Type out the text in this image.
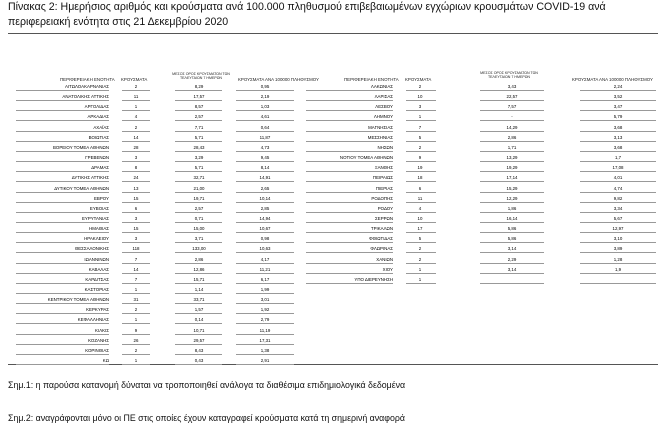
Πίνακας 2: Ημερήσιος αριθμός και κρούσματα ανά 100.000 πληθυσμού επιβεβαιωμένων εγχώριων κρουσμάτων COVID-19 ανά περιφερειακή ενότητα στις 21 Δεκεμβρίου 2020
ΠΕΡΙΦΕΡΕΙΑΚΗ ΕΝΟΤΗΤΑ ΚΡΟΥΣΜΑΤΑ
ΜΕΣΟΣ ΟΡΟΣ ΚΡΟΥΣΜΑΤΩΝ ΤΩΝ ΤΕΛΕΥΤΑΙΩΝ 7 ΗΜΕΡΩΝ	ΚΡΟΥΣΜΑΤΑ ΑΝΑ 100000 ΠΛΗΘΥΣΜΟΥ
ΑΙΤΩΛΟΑΚΑΡΝΑΝΙΑΣ	2	8,29	0,95
ΑΝΑΤΟΛΙΚΗΣ ΑΤΤΙΚΗΣ	11	17,57	2,19
ΑΡΓΟΛΙΔΑΣ	1	8,57	1,03
ΑΡΚΑΔΙΑΣ	4	2,57	4,61
ΑΧΑΪΑΣ	2	7,71	0,64
ΒΟΙΩΤΙΑΣ	14	5,71	11,87
ΒΟΡΕΙΟΥ ΤΟΜΕΑ ΑΘΗΝΩΝ	28	28,43	4,73
ΓΡΕΒΕΝΩΝ	3	3,29	9,45
ΔΡΑΜΑΣ	8	5,71	8,14
ΔΥΤΙΚΗΣ ΑΤΤΙΚΗΣ	24	32,71	14,91
ΔΥΤΙΚΟΥ ΤΟΜΕΑ ΑΘΗΝΩΝ	13	21,00	2,65
ΕΒΡΟΥ	15	19,71	10,14
ΕΥΒΟΙΑΣ	6	2,57	2,85
ΕΥΡΥΤΑΝΙΑΣ	3	0,71	14,94
ΗΜΑΘΙΑΣ	15	15,00	10,67
ΗΡΑΚΛΕΙΟΥ	3	3,71	0,98
ΘΕΣΣΑΛΟΝΙΚΗΣ	118	133,00	10,63
ΙΩΑΝΝΙΝΩΝ	7	2,86	4,17
ΚΑΒΑΛΑΣ	14	12,86	11,21
ΚΑΡΔΙΤΣΑΣ	7	15,71	6,17
ΚΑΣΤΟΡΙΑΣ	1	1,14	1,99
ΚΕΝΤΡΙΚΟΥ ΤΟΜΕΑ ΑΘΗΝΩΝ	31	33,71	3,01
ΚΕΡΚΥΡΑΣ	2	1,57	1,92
ΚΕΦΑΛΛΗΝΙΑΣ	1	0,14	2,79
ΚΙΛΚΙΣ	9	10,71	11,19
ΚΟΖΑΝΗΣ	26	29,57	17,31
ΚΟΡΙΝΘΙΑΣ	2	8,43	1,38
ΚΩ	1	0,43	2,91
ΠΕΡΙΦΕΡΕΙΑΚΗ ΕΝΟΤΗΤΑ ΚΡΟΥΣΜΑΤΑ
ΜΕΣΟΣ ΟΡΟΣ ΚΡΟΥΣΜΑΤΩΝ ΤΩΝ ΤΕΛΕΥΤΑΙΩΝ 7 ΗΜΕΡΩΝ
ΚΡΟΥΣΜΑΤΑ ΑΝΑ 100000 ΠΛΗΘΥΣΜΟΥ
ΛΑΚΩΝΙΑΣ	2	3,43	2,24
ΛΑΡΙΣΑΣ	10	22,57	3,52
ΛΕΣΒΟΥ	3	7,57	3,47
ΛΗΜΝΟΥ	1	-	5,79
ΜΑΓΝΗΣΙΑΣ	7	14,29	3,68
ΜΕΣΣΗΝΙΑΣ	5	2,86	3,13
ΝΗΣΩΝ	2	1,71	3,68
ΝΟΤΙΟΥ ΤΟΜΕΑ ΑΘΗΝΩΝ	9	13,29	1,7
ΞΑΝΘΗΣ	19	19,29	17,08
ΠΕΙΡΑΙΩΣ	18	17,14	4,01
ΠΙΕΡΙΑΣ	6	15,29	4,74
ΡΟΔΟΠΗΣ	11	12,29	9,82
ΡΟΔΟΥ	4	1,86	3,34
ΣΕΡΡΩΝ	10	16,14	5,67
ΤΡΙΚΑΛΩΝ	17	5,86	12,97
ΦΘΙΩΤΙΔΑΣ	5	5,86	3,10
ΦΛΩΡΙΝΑΣ	2	3,14	3,89
ΧΑΝΙΩΝ	2	2,29	1,28
ΧΙΟΥ	1	3,14	1,9
ΥΠΟ ΔΙΕΡΕΥΝΗΣΗ	1
Σημ.1: η παρούσα κατανομή δύναται να τροποποιηθεί ανάλογα τα διαθέσιμα επιδημιολογικά δεδομένα
Σημ.2: αναγράφονται μόνο οι ΠΕ στις οποίες έχουν καταγραφεί κρούσματα κατά τη σημερινή αναφορά
